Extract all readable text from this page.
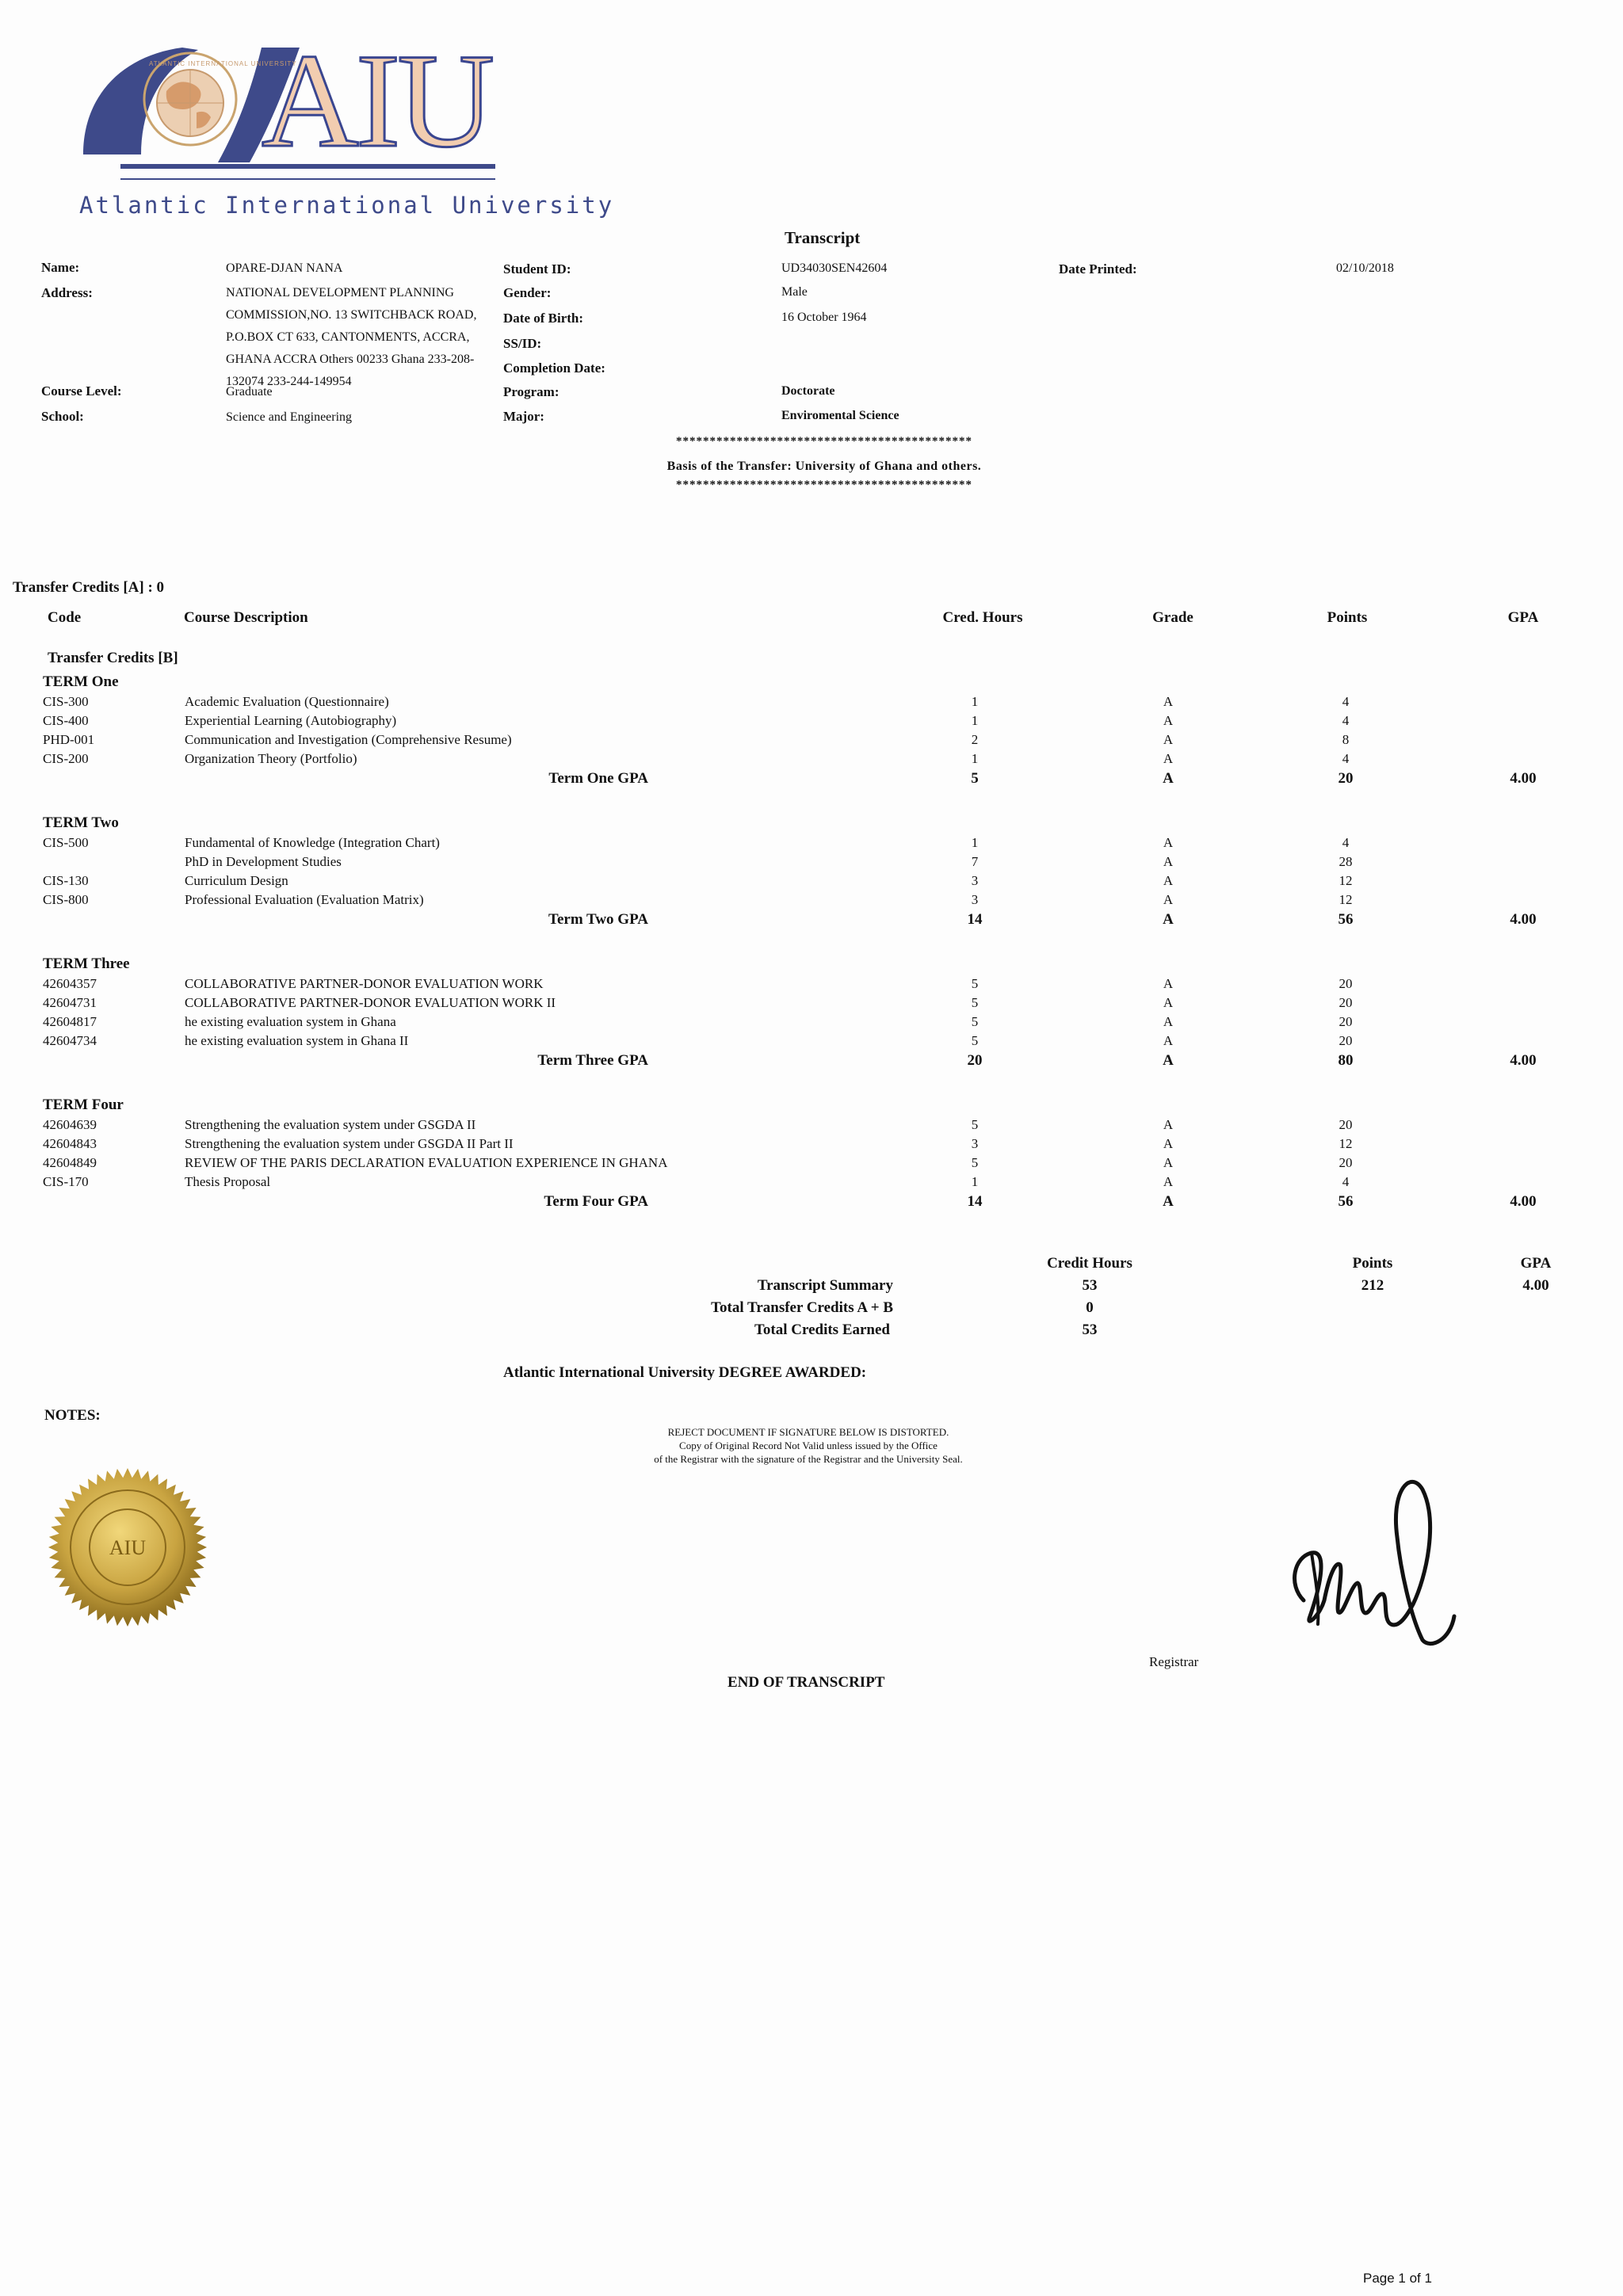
AIU
ATLANTIC INTERNATIONAL UNIVERSITY
Atlantic International University
Transcript
Name:	OPARE-DJAN NANA
Address:	NATIONAL DEVELOPMENT PLANNING COMMISSION,NO. 13 SWITCHBACK ROAD, P.O.BOX CT 633, CANTONMENTS, ACCRA, GHANA ACCRA Others 00233 Ghana 233-208-132074 233-244-149954
Course Level:	Graduate
School:	Science and Engineering
Student ID:	UD34030SEN42604
Gender:	Male
Date of Birth:	16 October 1964
SS/ID:
Completion Date:
Program:	Doctorate
Major:	Enviromental Science
Date Printed:	02/10/2018
********************************************
Basis of the Transfer: University of Ghana and others.
********************************************
Transfer Credits [A] : 0
Code	Course Description	Cred. Hours	Grade	Points	GPA
Transfer Credits [B]
TERM One
CIS-300	Academic Evaluation (Questionnaire)	1	A	4
CIS-400	Experiential Learning (Autobiography)	1	A	4
PHD-001	Communication and Investigation (Comprehensive Resume)	2	A	8
CIS-200	Organization Theory (Portfolio)	1	A	4
Term One GPA	5	A	20	4.00
TERM Two
CIS-500	Fundamental of Knowledge (Integration Chart)	1	A	4
PhD in Development Studies	7	A	28
CIS-130	Curriculum Design	3	A	12
CIS-800	Professional Evaluation (Evaluation Matrix)	3	A	12
Term Two GPA	14	A	56	4.00
TERM Three
42604357	COLLABORATIVE PARTNER-DONOR EVALUATION WORK	5	A	20
42604731	COLLABORATIVE PARTNER-DONOR EVALUATION WORK II	5	A	20
42604817	he existing evaluation system in Ghana	5	A	20
42604734	he existing evaluation system in Ghana II	5	A	20
Term Three GPA	20	A	80	4.00
TERM Four
42604639	Strengthening the evaluation system under GSGDA II	5	A	20
42604843	Strengthening the evaluation system under GSGDA II Part II	3	A	12
42604849	REVIEW OF THE PARIS DECLARATION EVALUATION EXPERIENCE IN GHANA	5	A	20
CIS-170	Thesis Proposal	1	A	4
Term Four GPA	14	A	56	4.00
Credit Hours	Points	GPA
Transcript Summary	53	212	4.00
Total Transfer Credits A + B	0
Total Credits Earned	53
Atlantic International University DEGREE AWARDED:
NOTES:
REJECT DOCUMENT IF SIGNATURE BELOW IS DISTORTED.
Copy of Original Record Not Valid unless issued by the Office
of the Registrar with the signature of the Registrar and the University Seal.
AIU
Registrar
END OF TRANSCRIPT
Page 1 of 1
